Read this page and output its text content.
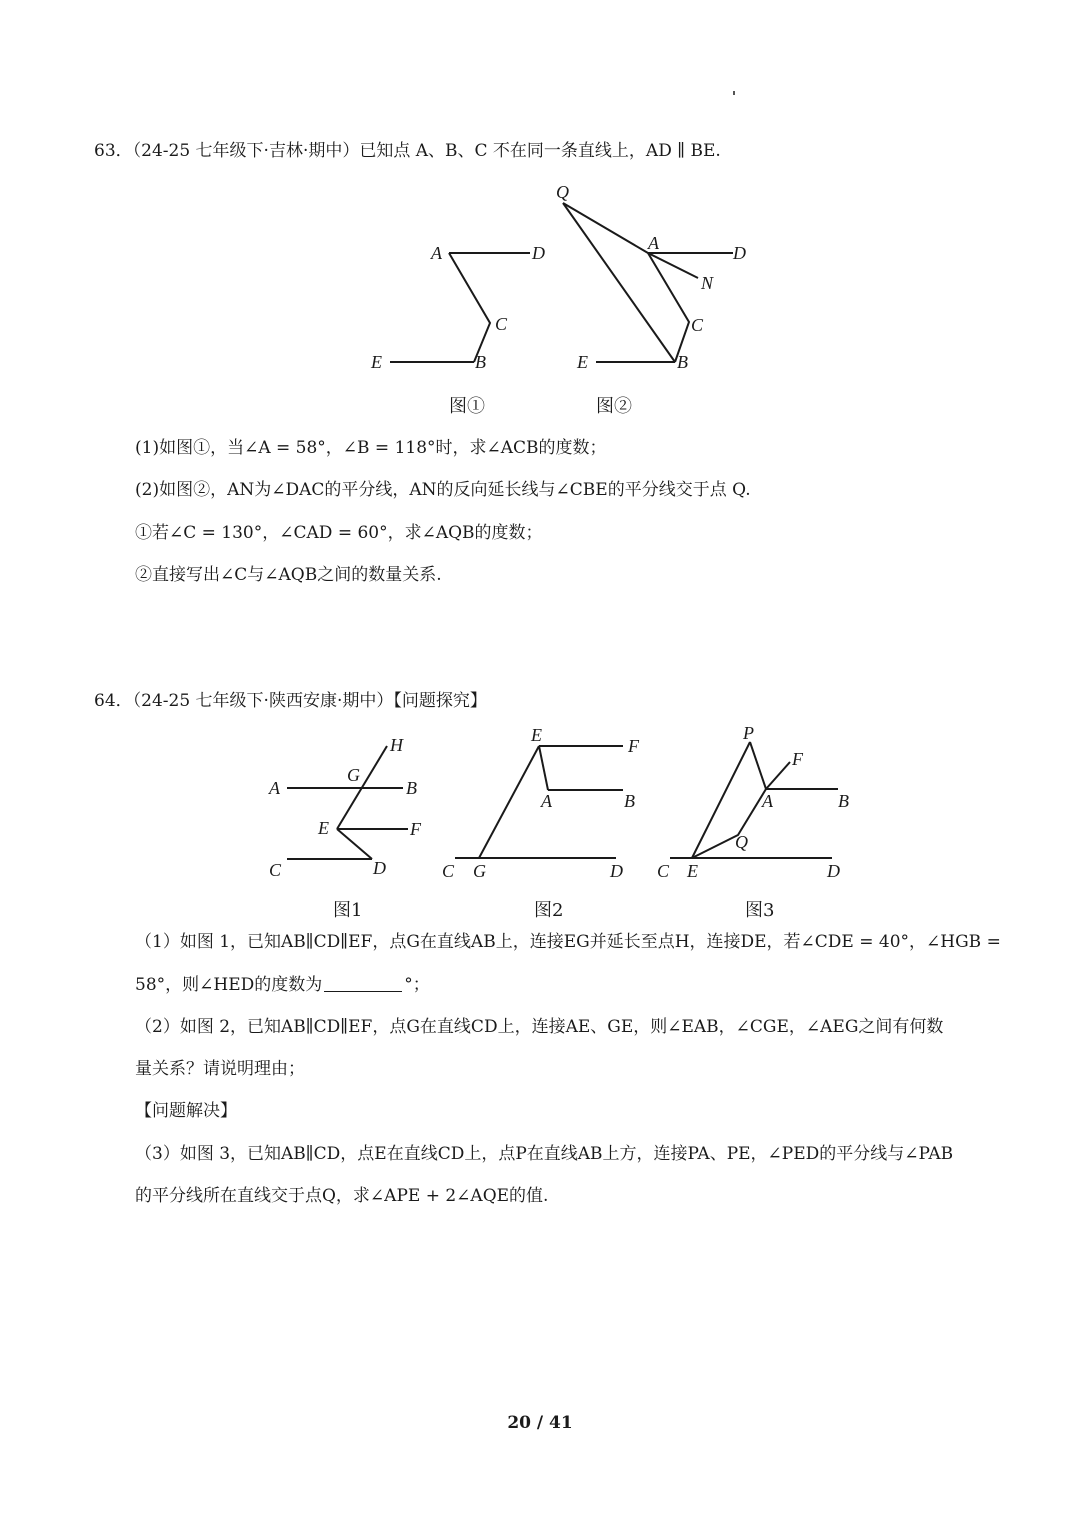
63．（24-25 七年级下·吉林·期中）已知点 A、B、C 不在同一条直线上，AD ∥ BE.
A	D
C
E	B
Q
A	D
N
C
E	B
图①	图②
(1)如图①，当∠A = 58°，∠B = 118°时，求∠ACB的度数；
(2)如图②，AN为∠DAC的平分线，AN的反向延长线与∠CBE的平分线交于点 Q.
①若∠C = 130°，∠CAD = 60°，求∠AQB的度数；
②直接写出∠C与∠AQB之间的数量关系.
64．（24-25 七年级下·陕西安康·期中）【问题探究】
H
G
A	B
E	F
C	D
E
F
A	B
C G	D
P
F
A	B
Q
C E	D
图1	图2	图3
（1）如图 1，已知AB∥CD∥EF，点G在直线AB上，连接EG并延长至点H，连接DE，若∠CDE = 40°，∠HGB =
58°，则∠HED的度数为	°；
（2）如图 2，已知AB∥CD∥EF，点G在直线CD上，连接AE、GE，则∠EAB，∠CGE，∠AEG之间有何数
量关系？请说明理由；
【问题解决】
（3）如图 3，已知AB∥CD，点E在直线CD上，点P在直线AB上方，连接PA、PE，∠PED的平分线与∠PAB
的平分线所在直线交于点Q，求∠APE + 2∠AQE的值.
20 / 41
